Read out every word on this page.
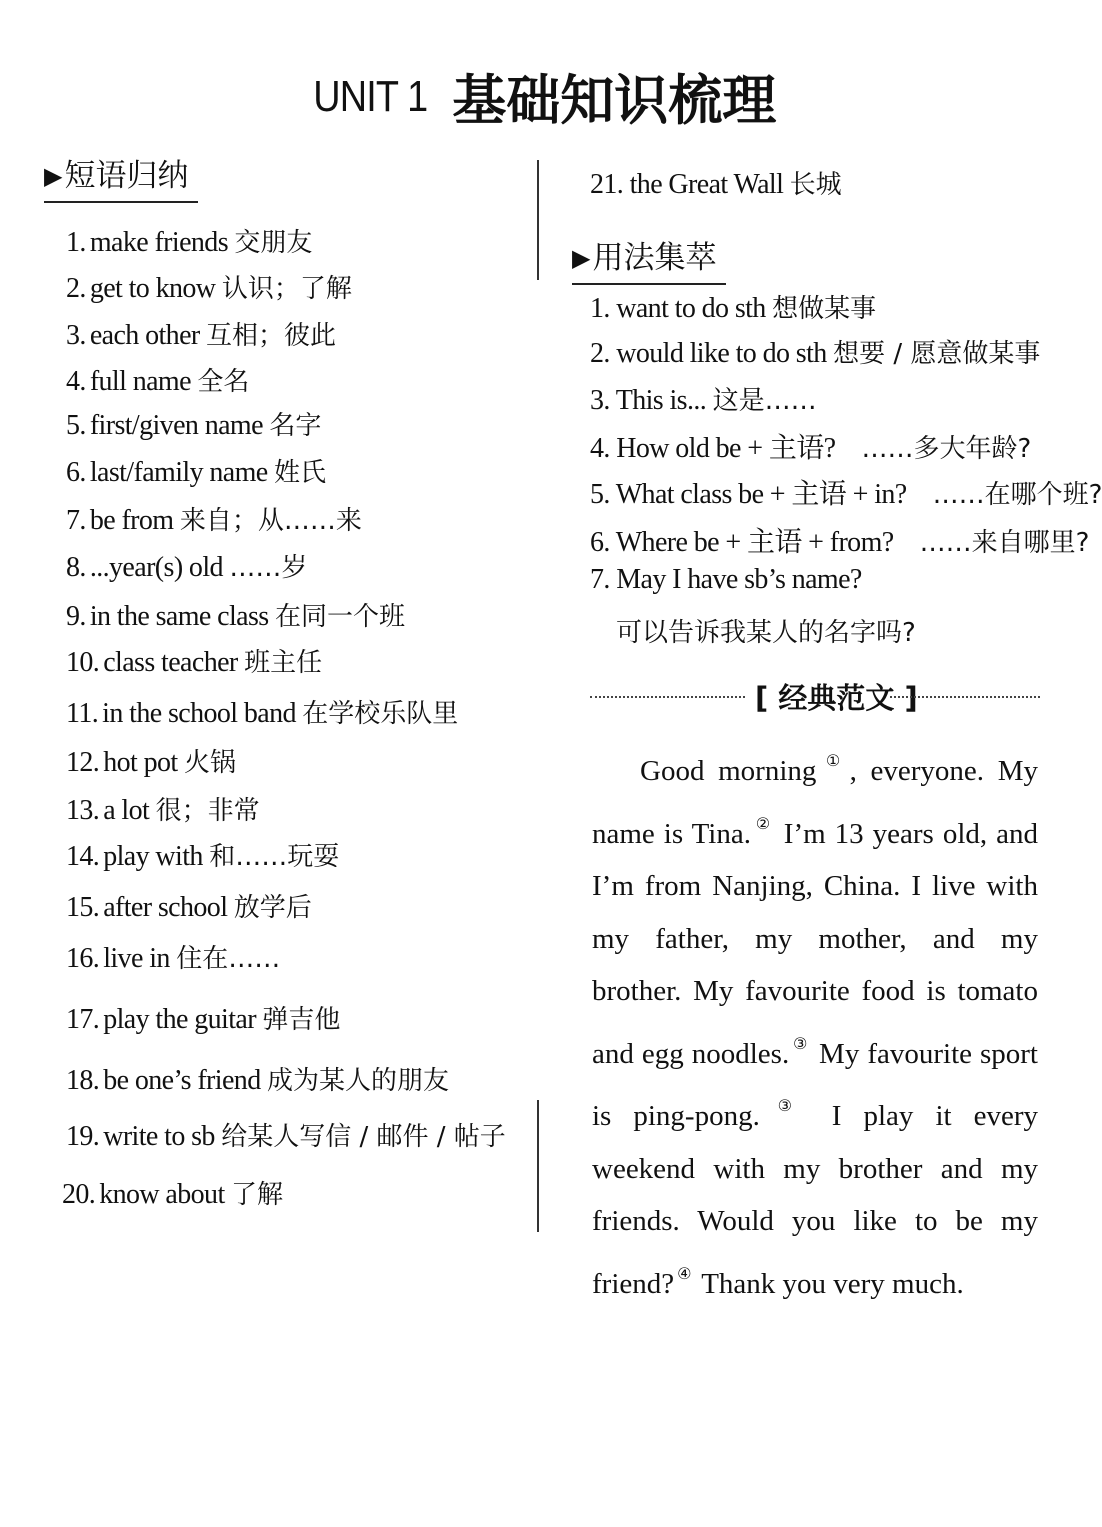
UNIT 1 基础知识梳理
▶短语归纳
1. make friends 交朋友
2. get to know 认识；了解
3. each other 互相；彼此
4. full name 全名
5. first/given name 名字
6. last/family name 姓氏
7. be from 来自；从……来
8. ...year(s) old ……岁
9. in the same class 在同一个班
10. class teacher 班主任
11. in the school band 在学校乐队里
12. hot pot 火锅
13. a lot 很；非常
14. play with 和……玩耍
15. after school 放学后
16. live in 住在……
17. play the guitar 弹吉他
18. be one’s friend 成为某人的朋友
19. write to sb 给某人写信 / 邮件 / 帖子
20. know about 了解
21. the Great Wall 长城
▶用法集萃
1. want to do sth 想做某事
2. would like to do sth 想要 / 愿意做某事
3. This is... 这是……
4. How old be + 主语? ……多大年龄?
5. What class be + 主语 + in? ……在哪个班?
6. Where be + 主语 + from? ……来自哪里?
7. May I have sb’s name?
可以告诉我某人的名字吗?
[ 经典范文 ]
Good morning ① , everyone. My name is Tina. ② I’m 13 years old, and I’m from Nanjing, China. I live with my father, my mother, and my brother. My favourite food is tomato and egg noodles. ③ My favourite sport is ping-pong. ③ I play it every weekend with my brother and my friends. Would you like to be my friend? ④ Thank you very much.
